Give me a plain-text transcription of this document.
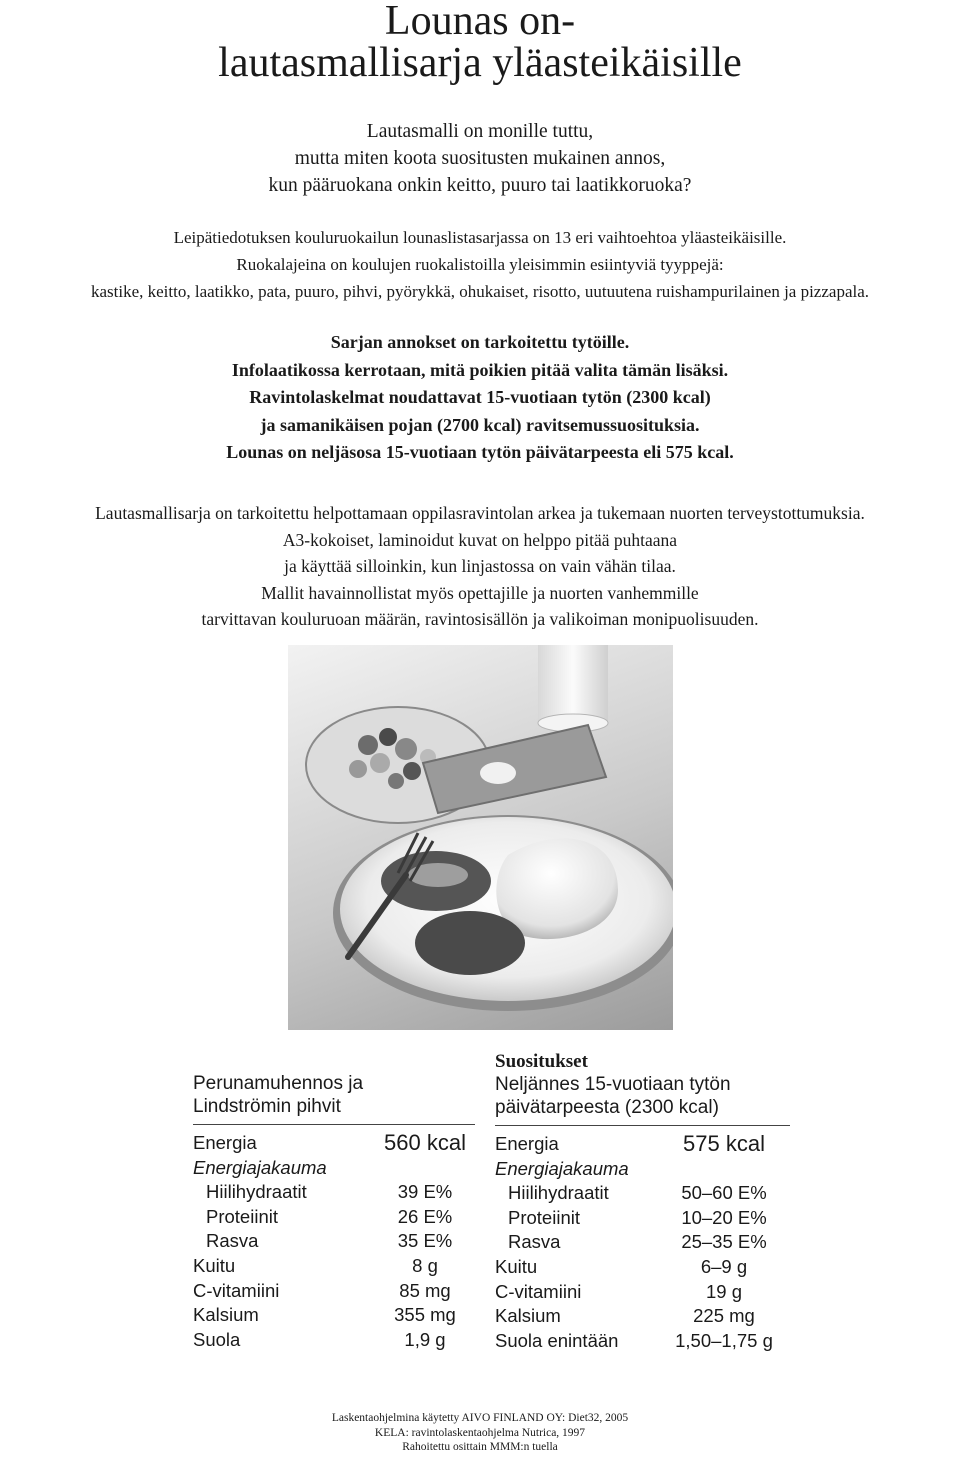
Lounas on-
lautasmallisarja yläasteikäisille
Lautasmalli on monille tuttu,
mutta miten koota suositusten mukainen annos,
kun pääruokana onkin keitto, puuro tai laatikkoruoka?
Leipätiedotuksen kouluruokailun lounaslistasarjassa on 13 eri vaihtoehtoa yläasteikäisille.
Ruokalajeina on koulujen ruokalistoilla yleisimmin esiintyviä tyyppejä:
kastike, keitto, laatikko, pata, puuro, pihvi, pyörykkä, ohukaiset, risotto, uutuutena ruishampurilainen ja pizzapala.
Sarjan annokset on tarkoitettu tytöille.
Infolaatikossa kerrotaan, mitä poikien pitää valita tämän lisäksi.
Ravintolaskelmat noudattavat 15-vuotiaan tytön (2300 kcal)
ja samanikäisen pojan (2700 kcal) ravitsemussuosituksia.
Lounas on neljäsosa 15-vuotiaan tytön päivätarpeesta eli 575 kcal.
Lautasmallisarja on tarkoitettu helpottamaan oppilasravintolan arkea ja tukemaan nuorten terveystottumuksia.
A3-kokoiset, laminoidut kuvat on helppo pitää puhtaana
ja käyttää silloinkin, kun linjastossa on vain vähän tilaa.
Mallit havainnollistat myös opettajille ja nuorten vanhemmille
tarvittavan kouluruoan määrän, ravintosisällön ja valikoiman monipuolisuuden.
Perunamuhennos ja
Lindströmin pihvit
Energia	560 kcal
Energiajakauma
Hiilihydraatit	39 E%
Proteiinit	26 E%
Rasva	35 E%
Kuitu	8 g
C-vitamiini	85 mg
Kalsium	355 mg
Suola	1,9 g
Suositukset
Neljännes 15-vuotiaan tytön
päivätarpeesta (2300 kcal)
Energia	575 kcal
Energiajakauma
Hiilihydraatit	50–60 E%
Proteiinit	10–20 E%
Rasva	25–35 E%
Kuitu	6–9 g
C-vitamiini	19 g
Kalsium	225 mg
Suola enintään	1,50–1,75 g
Laskentaohjelmina käytetty AIVO FINLAND OY: Diet32, 2005
KELA: ravintolaskentaohjelma Nutrica, 1997
Rahoitettu osittain MMM:n tuella
